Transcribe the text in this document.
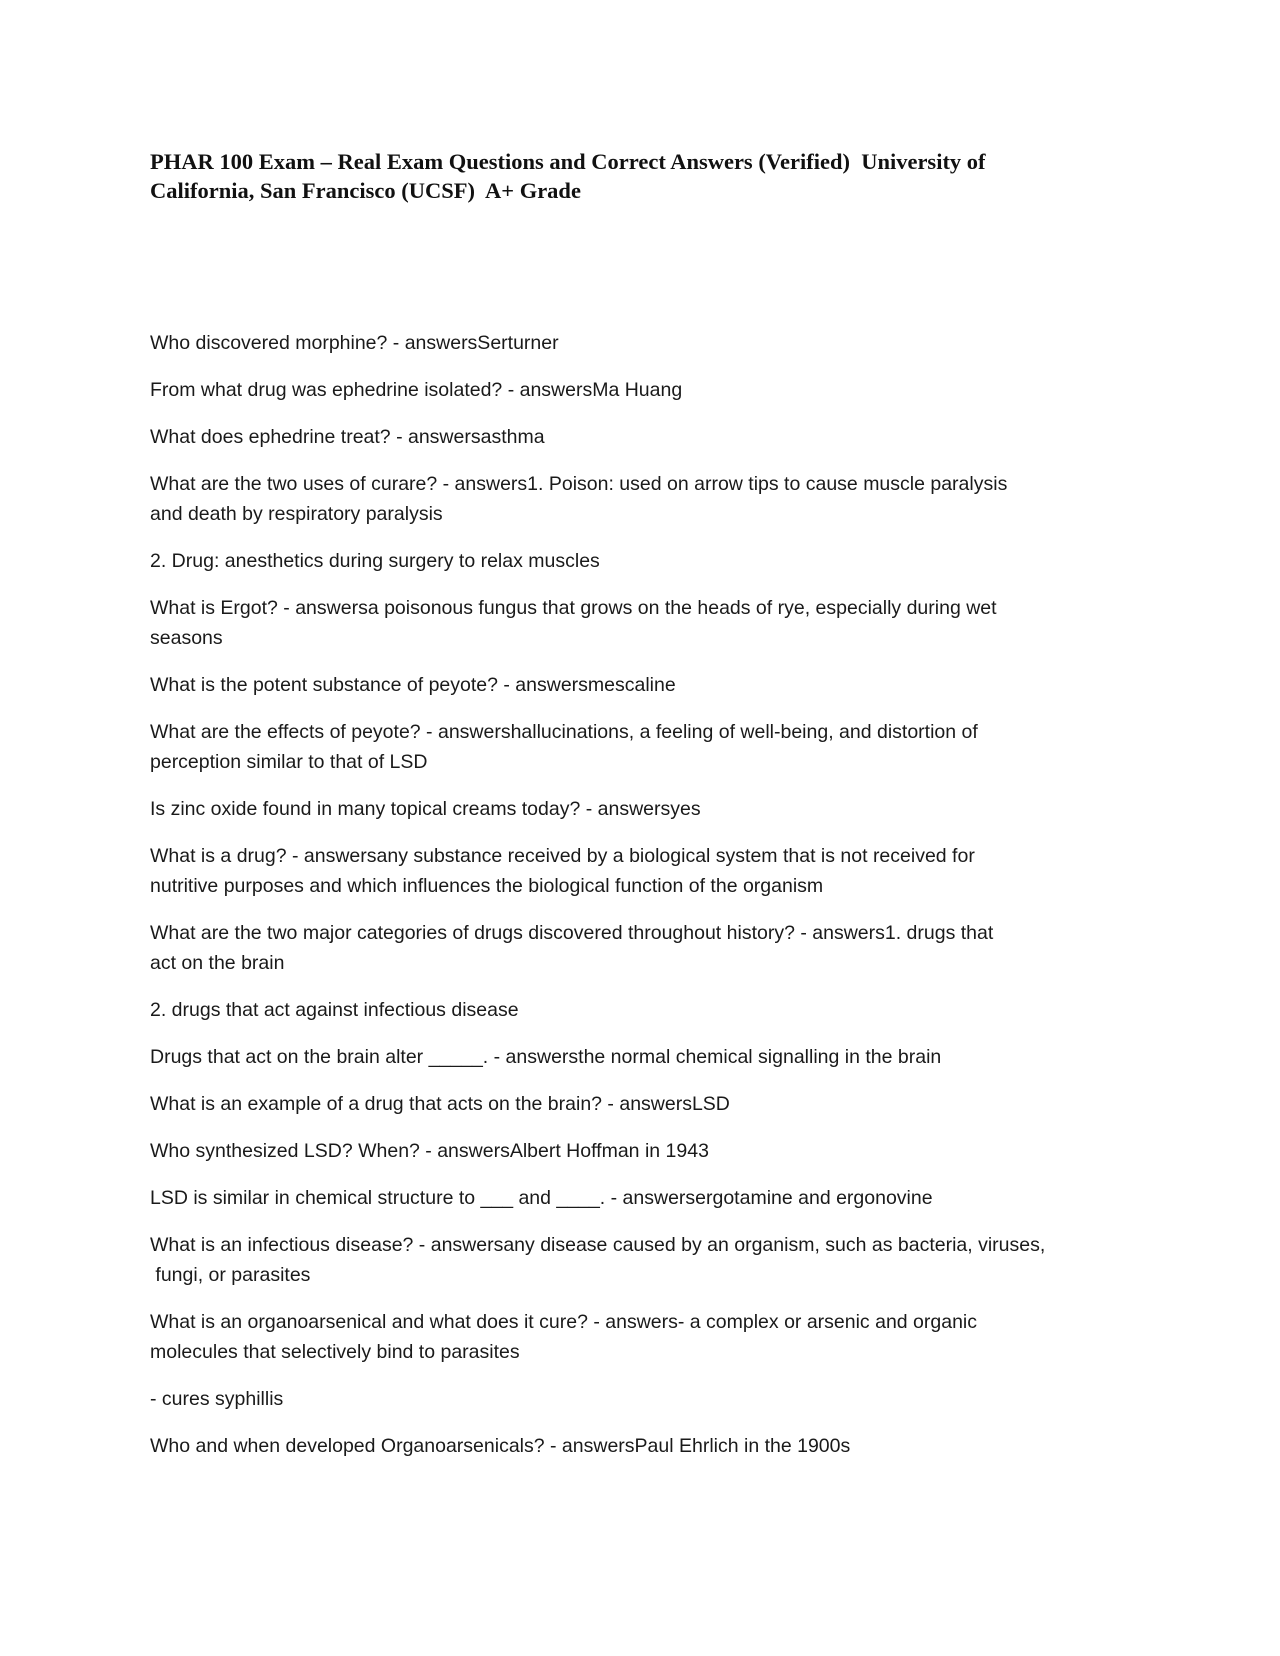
PHAR 100 Exam – Real Exam Questions and Correct Answers (Verified)  University of
California, San Francisco (UCSF)  A+ Grade
Who discovered morphine? - answersSerturner
From what drug was ephedrine isolated? - answersMa Huang
What does ephedrine treat? - answersasthma
What are the two uses of curare? - answers1. Poison: used on arrow tips to cause muscle paralysis
and death by respiratory paralysis
2. Drug: anesthetics during surgery to relax muscles
What is Ergot? - answersa poisonous fungus that grows on the heads of rye, especially during wet
seasons
What is the potent substance of peyote? - answersmescaline
What are the effects of peyote? - answershallucinations, a feeling of well-being, and distortion of
perception similar to that of LSD
Is zinc oxide found in many topical creams today? - answersyes
What is a drug? - answersany substance received by a biological system that is not received for
nutritive purposes and which influences the biological function of the organism
What are the two major categories of drugs discovered throughout history? - answers1. drugs that
act on the brain
2. drugs that act against infectious disease
Drugs that act on the brain alter _____. - answersthe normal chemical signalling in the brain
What is an example of a drug that acts on the brain? - answersLSD
Who synthesized LSD? When? - answersAlbert Hoffman in 1943
LSD is similar in chemical structure to ___ and ____. - answersergotamine and ergonovine
What is an infectious disease? - answersany disease caused by an organism, such as bacteria, viruses,
fungi, or parasites
What is an organoarsenical and what does it cure? - answers- a complex or arsenic and organic
molecules that selectively bind to parasites
- cures syphillis
Who and when developed Organoarsenicals? - answersPaul Ehrlich in the 1900s
